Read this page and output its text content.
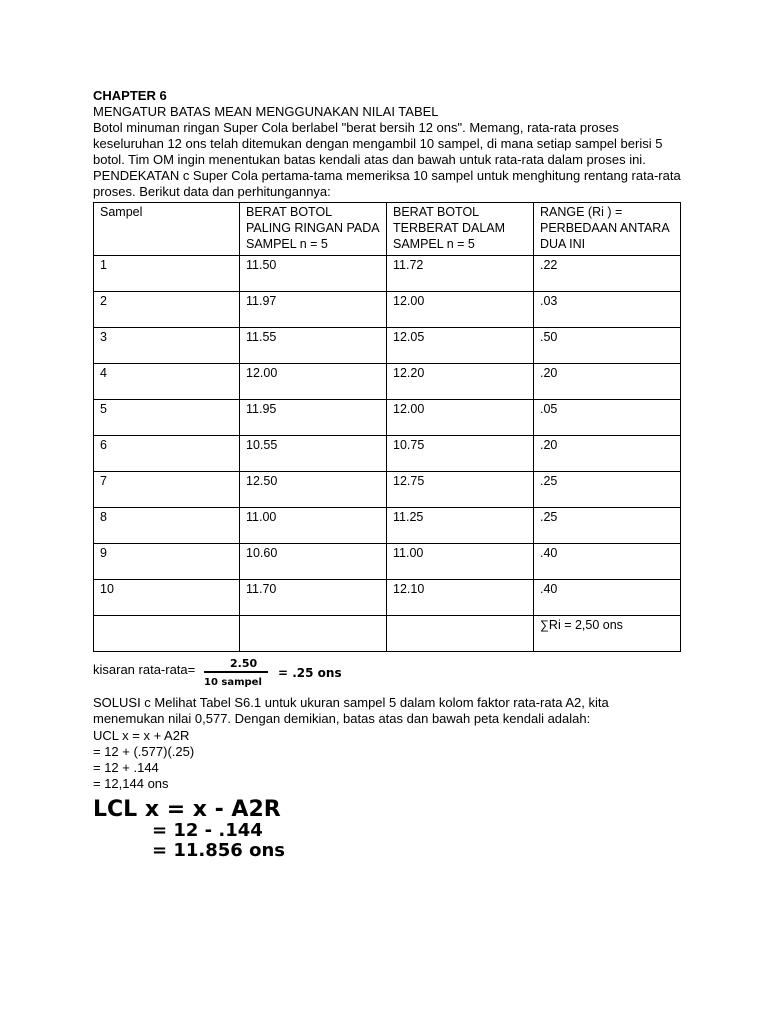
CHAPTER 6
MENGATUR BATAS MEAN MENGGUNAKAN NILAI TABEL
Botol minuman ringan Super Cola berlabel "berat bersih 12 ons". Memang, rata-rata proses
keseluruhan 12 ons telah ditemukan dengan mengambil 10 sampel, di mana setiap sampel berisi 5
botol. Tim OM ingin menentukan batas kendali atas dan bawah untuk rata-rata dalam proses ini.
PENDEKATAN c Super Cola pertama-tama memeriksa 10 sampel untuk menghitung rentang rata-rata
proses. Berikut data dan perhitungannya:
Sampel	BERAT BOTOL PALING RINGAN PADA SAMPEL n = 5	BERAT BOTOL TERBERAT DALAM SAMPEL n = 5	RANGE (Ri ) = PERBEDAAN ANTARA DUA INI
1	11.50	11.72	.22
2	11.97	12.00	.03
3	11.55	12.05	.50
4	12.00	12.20	.20
5	11.95	12.00	.05
6	10.55	10.75	.20
7	12.50	12.75	.25
8	11.00	11.25	.25
9	10.60	11.00	.40
10	11.70	12.10	.40
			∑Ri = 2,50 ons
kisaran rata-rata=	2.50
10 sampel
= .25 ons
SOLUSI c Melihat Tabel S6.1 untuk ukuran sampel 5 dalam kolom faktor rata-rata A2, kita
menemukan nilai 0,577. Dengan demikian, batas atas dan bawah peta kendali adalah:
UCL x = x + A2R
= 12 + (.577)(.25)
= 12 + .144
= 12,144 ons
LCL x = x - A2R
= 12 - .144
= 11.856 ons
